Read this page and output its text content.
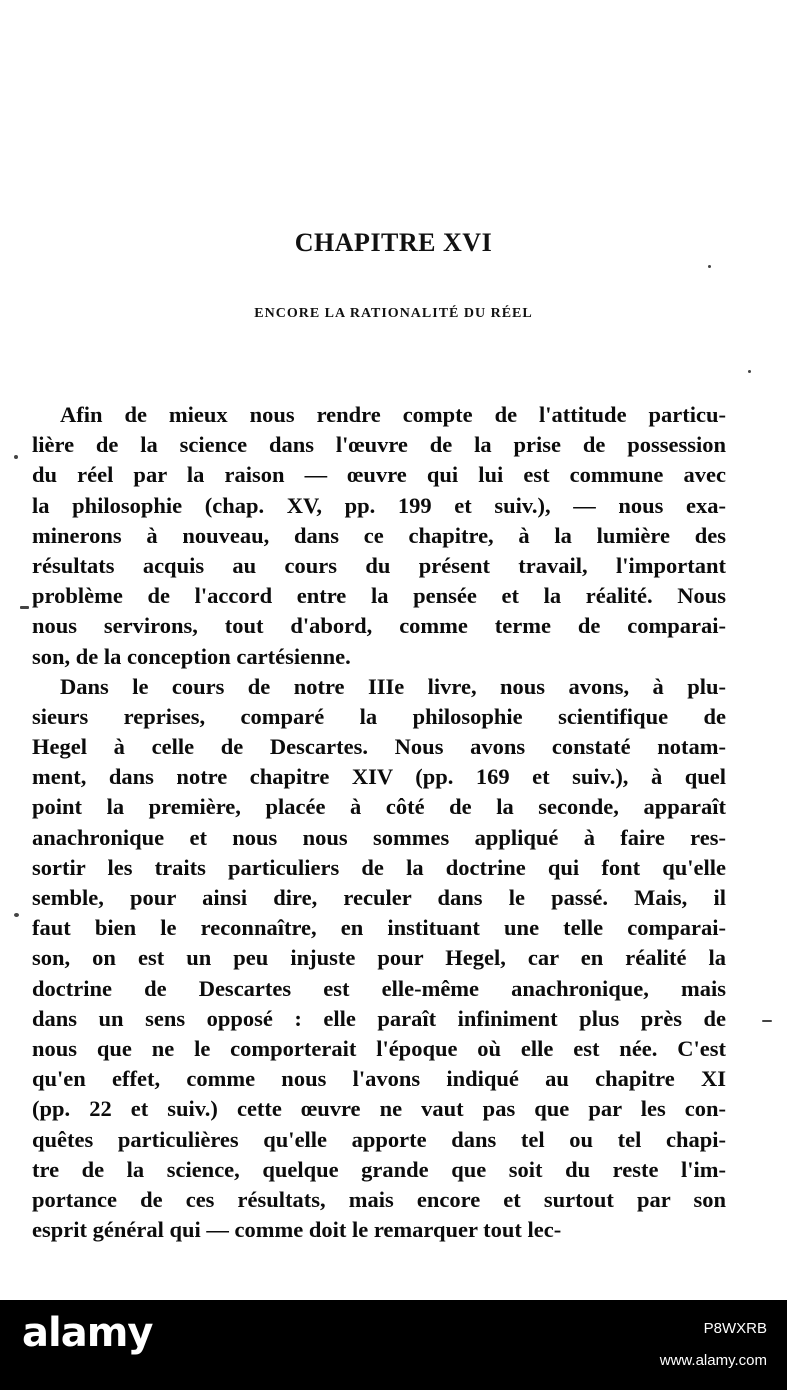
CHAPITRE XVI
ENCORE LA RATIONALITÉ DU RÉEL
Afin de mieux nous rendre compte de l'attitude particu-
lière de la science dans l'œuvre de la prise de possession
du réel par la raison — œuvre qui lui est commune avec
la philosophie (chap. XV, pp. 199 et suiv.), — nous exa-
minerons à nouveau, dans ce chapitre, à la lumière des
résultats acquis au cours du présent travail, l'important
problème de l'accord entre la pensée et la réalité. Nous
nous servirons, tout d'abord, comme terme de comparai-
son, de la conception cartésienne.
Dans le cours de notre IIIe livre, nous avons, à plu-
sieurs reprises, comparé la philosophie scientifique de
Hegel à celle de Descartes. Nous avons constaté notam-
ment, dans notre chapitre XIV (pp. 169 et suiv.), à quel
point la première, placée à côté de la seconde, apparaît
anachronique et nous nous sommes appliqué à faire res-
sortir les traits particuliers de la doctrine qui font qu'elle
semble, pour ainsi dire, reculer dans le passé. Mais, il
faut bien le reconnaître, en instituant une telle comparai-
son, on est un peu injuste pour Hegel, car en réalité la
doctrine de Descartes est elle-même anachronique, mais
dans un sens opposé : elle paraît infiniment plus près de
nous que ne le comporterait l'époque où elle est née. C'est
qu'en effet, comme nous l'avons indiqué au chapitre XI
(pp. 22 et suiv.) cette œuvre ne vaut pas que par les con-
quêtes particulières qu'elle apporte dans tel ou tel chapi-
tre de la science, quelque grande que soit du reste l'im-
portance de ces résultats, mais encore et surtout par son
esprit général qui — comme doit le remarquer tout lec-
alamy	P8WXRB
www.alamy.com
